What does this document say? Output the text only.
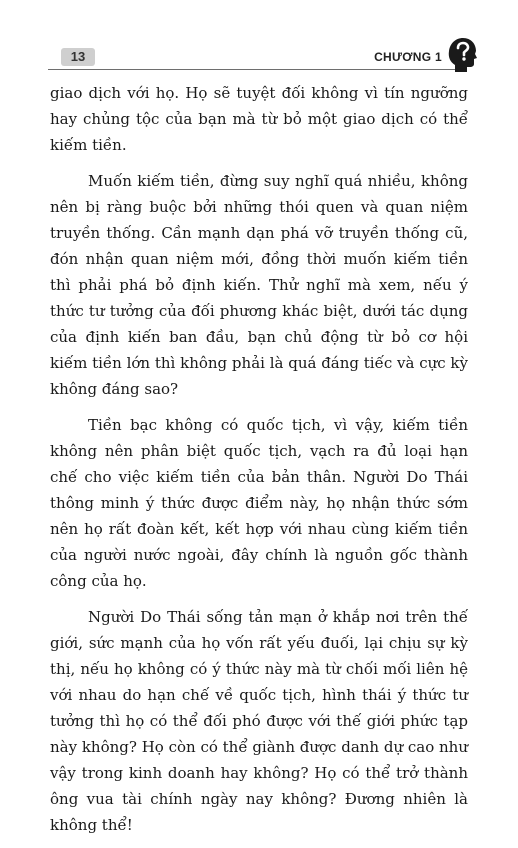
13	CHƯƠNG 1

giao dịch với họ. Họ sẽ tuyệt đối không vì tín ngưỡng hay chủng tộc của bạn mà từ bỏ một giao dịch có thể kiếm tiền.

Muốn kiếm tiền, đừng suy nghĩ quá nhiều, không nên bị ràng buộc bởi những thói quen và quan niệm truyền thống. Cần mạnh dạn phá vỡ truyền thống cũ, đón nhận quan niệm mới, đồng thời muốn kiếm tiền thì phải phá bỏ định kiến. Thử nghĩ mà xem, nếu ý thức tư tưởng của đối phương khác biệt, dưới tác dụng của định kiến ban đầu, bạn chủ động từ bỏ cơ hội kiếm tiền lớn thì không phải là quá đáng tiếc và cực kỳ không đáng sao?

Tiền bạc không có quốc tịch, vì vậy, kiếm tiền không nên phân biệt quốc tịch, vạch ra đủ loại hạn chế cho việc kiếm tiền của bản thân. Người Do Thái thông minh ý thức được điểm này, họ nhận thức sớm nên họ rất đoàn kết, kết hợp với nhau cùng kiếm tiền của người nước ngoài, đây chính là nguồn gốc thành công của họ.

Người Do Thái sống tản mạn ở khắp nơi trên thế giới, sức mạnh của họ vốn rất yếu đuối, lại chịu sự kỳ thị, nếu họ không có ý thức này mà từ chối mối liên hệ với nhau do hạn chế về quốc tịch, hình thái ý thức tư tưởng thì họ có thể đối phó được với thế giới phức tạp này không? Họ còn có thể giành được danh dự cao như vậy trong kinh doanh hay không? Họ có thể trở thành ông vua tài chính ngày nay không? Đương nhiên là không thể!
